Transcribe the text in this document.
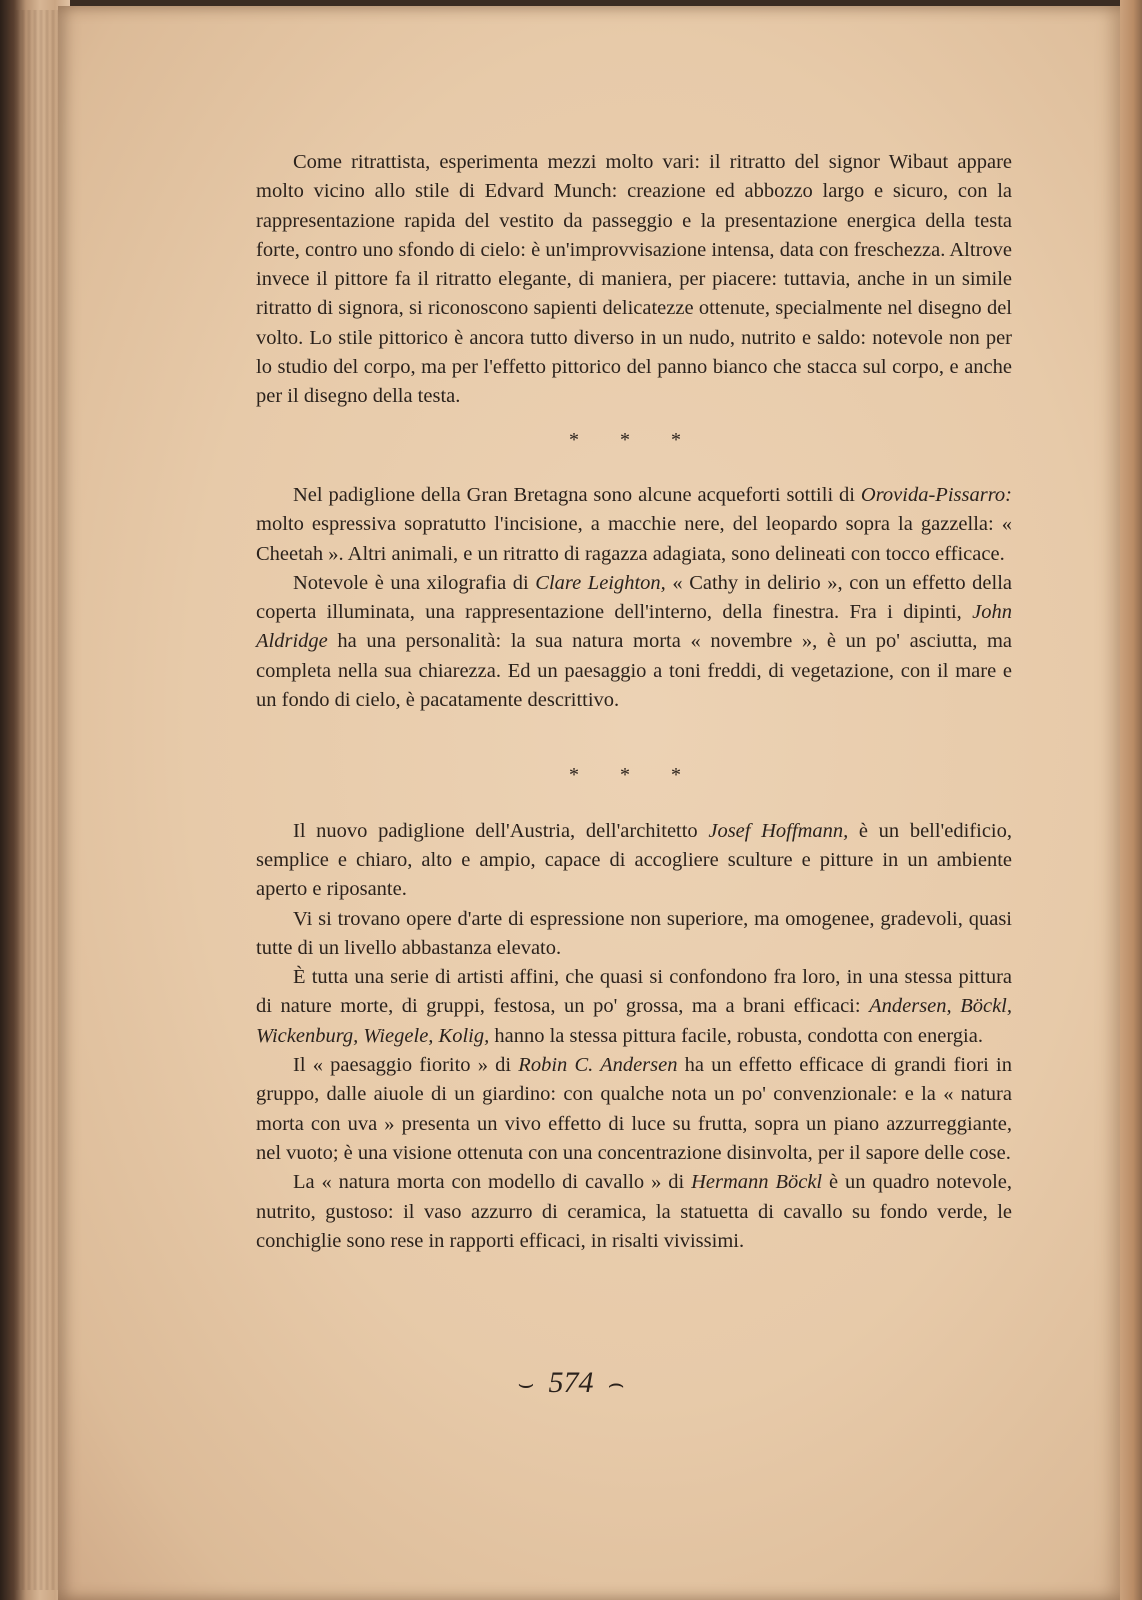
Come ritrattista, esperimenta mezzi molto vari: il ritratto del signor Wibaut appare molto vicino allo stile di Edvard Munch: creazione ed abbozzo largo e sicuro, con la rappresentazione rapida del vestito da passeggio e la presentazione energica della testa forte, contro uno sfondo di cielo: è un'improvvisazione intensa, data con freschezza. Altrove invece il pittore fa il ritratto elegante, di maniera, per piacere: tuttavia, anche in un simile ritratto di signora, si riconoscono sapienti delicatezze ottenute, specialmente nel disegno del volto. Lo stile pittorico è ancora tutto diverso in un nudo, nutrito e saldo: notevole non per lo studio del corpo, ma per l'effetto pittorico del panno bianco che stacca sul corpo, e anche per il disegno della testa.

* * *

Nel padiglione della Gran Bretagna sono alcune acqueforti sottili di Orovida-Pissarro: molto espressiva sopratutto l'incisione, a macchie nere, del leopardo sopra la gazzella: « Cheetah ». Altri animali, e un ritratto di ragazza adagiata, sono delineati con tocco efficace.

Notevole è una xilografia di Clare Leighton, « Cathy in delirio », con un effetto della coperta illuminata, una rappresentazione dell'interno, della finestra. Fra i dipinti, John Aldridge ha una personalità: la sua natura morta « novembre », è un po' asciutta, ma completa nella sua chiarezza. Ed un paesaggio a toni freddi, di vegetazione, con il mare e un fondo di cielo, è pacatamente descrittivo.

* * *

Il nuovo padiglione dell'Austria, dell'architetto Josef Hoffmann, è un bell'edificio, semplice e chiaro, alto e ampio, capace di accogliere sculture e pitture in un ambiente aperto e riposante.

Vi si trovano opere d'arte di espressione non superiore, ma omogenee, gradevoli, quasi tutte di un livello abbastanza elevato.

È tutta una serie di artisti affini, che quasi si confondono fra loro, in una stessa pittura di nature morte, di gruppi, festosa, un po' grossa, ma a brani efficaci: Andersen, Böckl, Wickenburg, Wiegele, Kolig, hanno la stessa pittura facile, robusta, condotta con energia.

Il « paesaggio fiorito » di Robin C. Andersen ha un effetto efficace di grandi fiori in gruppo, dalle aiuole di un giardino: con qualche nota un po' convenzionale: e la « natura morta con uva » presenta un vivo effetto di luce su frutta, sopra un piano azzurreggiante, nel vuoto; è una visione ottenuta con una concentrazione disinvolta, per il sapore delle cose.

La « natura morta con modello di cavallo » di Hermann Böckl è un quadro notevole, nutrito, gustoso: il vaso azzurro di ceramica, la statuetta di cavallo su fondo verde, le conchiglie sono rese in rapporti efficaci, in risalti vivissimi.

⌣ 574 ⌢
